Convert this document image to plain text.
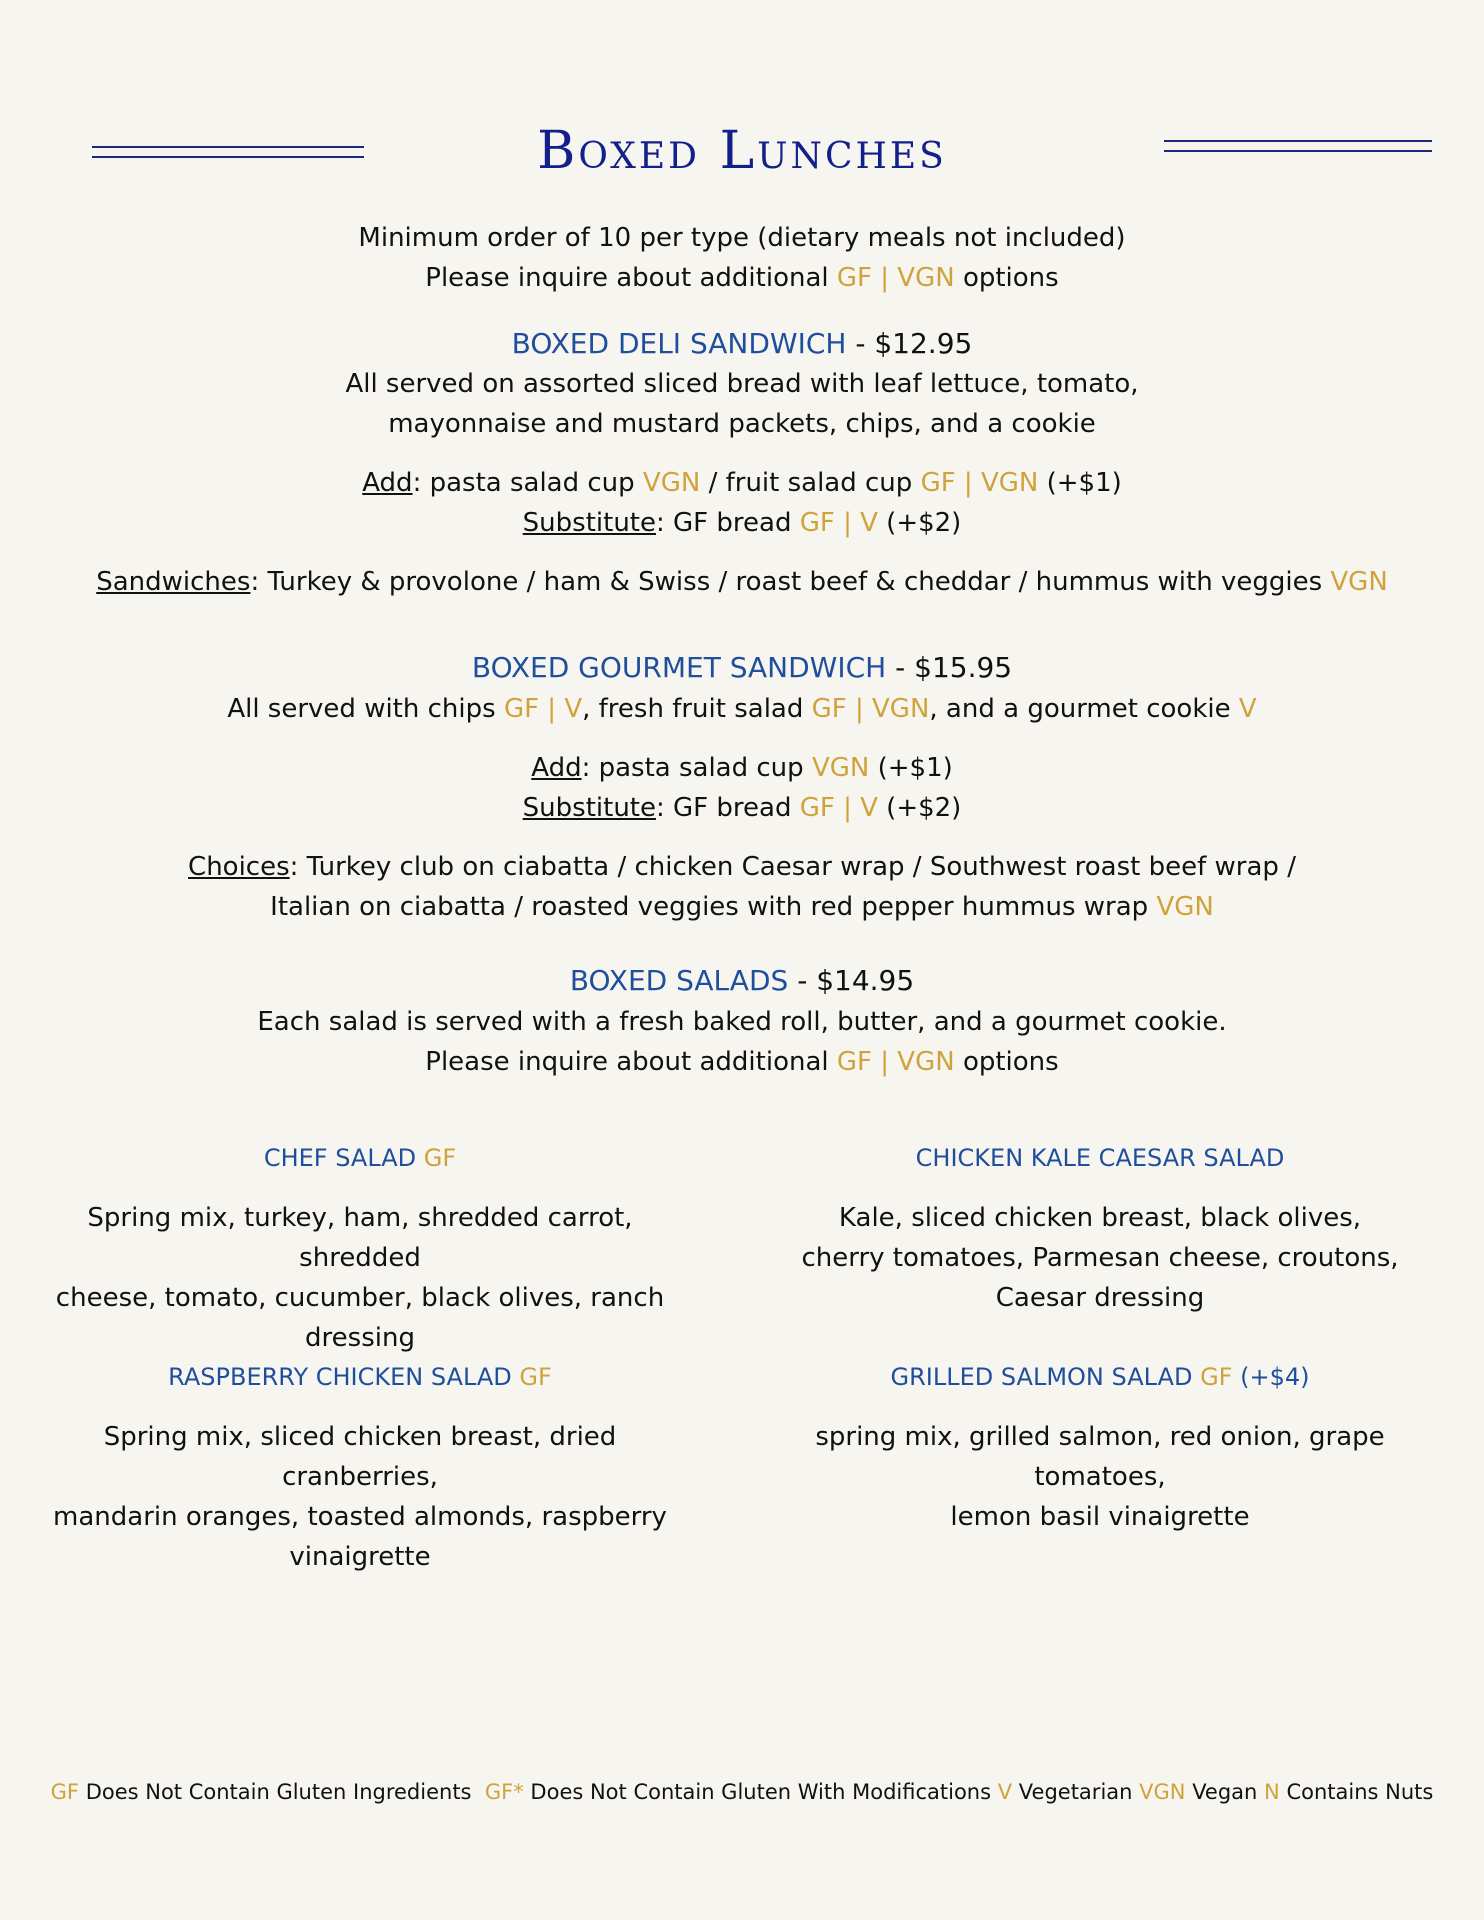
Boxed Lunches
Minimum order of 10 per type (dietary meals not included)
Please inquire about additional GF | VGN options
BOXED DELI SANDWICH - $12.95
All served on assorted sliced bread with leaf lettuce, tomato,
mayonnaise and mustard packets, chips, and a cookie
Add: pasta salad cup VGN / fruit salad cup GF | VGN (+$1)
Substitute: GF bread GF | V (+$2)
Sandwiches: Turkey & provolone / ham & Swiss / roast beef & cheddar / hummus with veggies VGN
BOXED GOURMET SANDWICH - $15.95
All served with chips GF | V, fresh fruit salad GF | VGN, and a gourmet cookie V
Add: pasta salad cup VGN (+$1)
Substitute: GF bread GF | V (+$2)
Choices: Turkey club on ciabatta / chicken Caesar wrap / Southwest roast beef wrap /
Italian on ciabatta / roasted veggies with red pepper hummus wrap VGN
BOXED SALADS - $14.95
Each salad is served with a fresh baked roll, butter, and a gourmet cookie.
Please inquire about additional GF | VGN options
CHEF SALAD GF
Spring mix, turkey, ham, shredded carrot, shredded
cheese, tomato, cucumber, black olives, ranch
dressing
CHICKEN KALE CAESAR SALAD
Kale, sliced chicken breast, black olives,
cherry tomatoes, Parmesan cheese, croutons,
Caesar dressing
RASPBERRY CHICKEN SALAD GF
Spring mix, sliced chicken breast, dried cranberries,
mandarin oranges, toasted almonds, raspberry
vinaigrette
GRILLED SALMON SALAD GF (+$4)
spring mix, grilled salmon, red onion, grape tomatoes,
lemon basil vinaigrette
GF Does Not Contain Gluten Ingredients GF* Does Not Contain Gluten With Modifications V Vegetarian VGN Vegan N Contains Nuts
